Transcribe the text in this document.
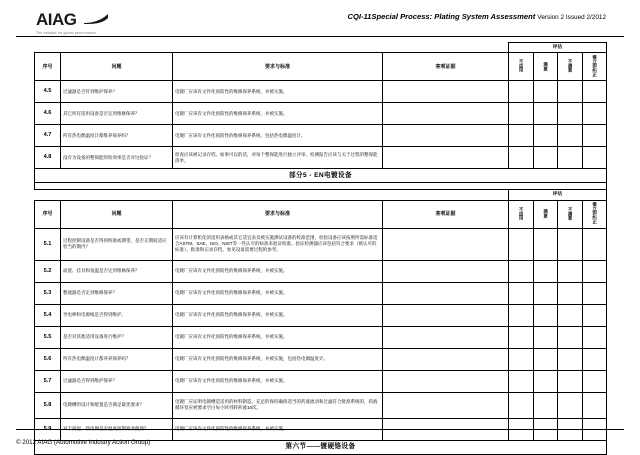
AIAG
The catalyst for global performance
CQI-11Special Process: Plating System Assessment Version 2 Issued 2/2012
				评估			
序号	问题	要求与标准	客观证据	不适用	满意	不满意	需立即纠正
4.5	过滤器是否符到维护保养？	电镀厂应该有文件化预防性的维修保养系统，并被实施。					
4.6	其它所有适用设备是否定到维修保养？	电镀厂应该有文件化预防性的维修保养系统，并被实施。					
4.7	所有热电偶温度计都维养保养吗？	电镀厂应该有文件化预防性的维修保养系统，包括热电偶温度计。					
4.8	没有为设备的整保能的检效果是否对这验证？	检查应该被记录存档。如果可以的话，对每个整保能进行独立评审。检测报告应该与关于过程的整保能清单。					
部分5 - EN电镀设备							

				评估			
序号	问题	要求与标准	客观证据	不适用	满意	不满意	需立即纠正
5.1	过程控制设备是否得到校准或期望，是否正期间适应恰当的期内？	应该有计算机化的适用表格或其它适宜表及被实施测试设备的校准范围，检验设备应该按照所需标准适合ASTM、SAE、ISO、NIST等一些认可的标准来验证校准。验证检测器应该包括符合要求（被认可的标准）、批准和记录存档。参见设备需要过程的参考。					
5.2	面置、挂具和氢温是否定到维修保养？	电镀厂应该有文件化预防性的维修保养系统，并被实施。					
5.3	整流器是否定到维修保养？	电镀厂应该有文件化预防性的维修保养系统，并被实施。					
5.4	导电棒和电源线是否得到维护。	电镀厂应该有文件化预防性的维修保养系统，并被实施。					
5.5	是否对其他适用设备进行维护？	电镀厂应该有文件化预防性的维修保养系统，并被实施。					
5.6	所有热电偶温度计都养养保养吗？	电镀厂应该有文件化预防性的维修保养系统，并被实施，包括热电偶温度计。					
5.7	过滤器是否得到维护保养？	电镀厂应该有文件化预防性的维修保养系统，并被实施。					
5.8	电镀槽的设计和配置是否满足最优要求？	电镀厂应证明电镀槽造适用的材料制造、充足的保持确保适当的药液流动和过滤符合批准系统的，药液循环泵应被要求空白每小时到转药液10次。					

第六节——镀硬铬设备							
© 2012 AIAG (Automotive Industry Action Group)
